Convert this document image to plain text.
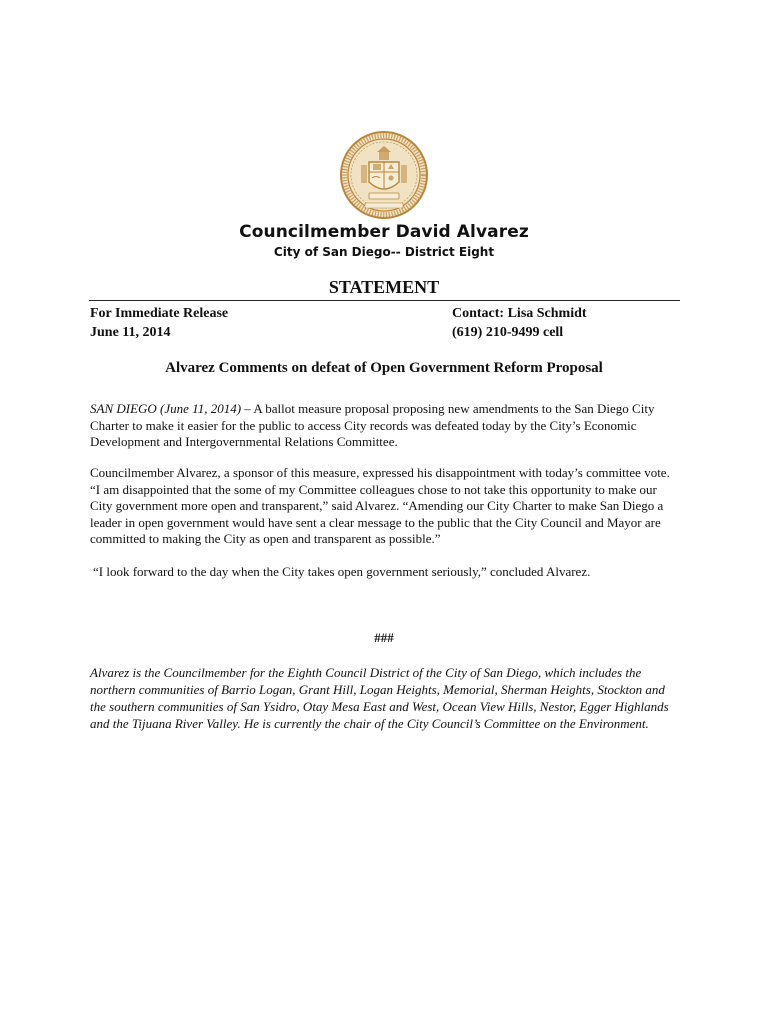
Councilmember David Alvarez
City of San Diego-- District Eight
STATEMENT
For Immediate Release
June 11, 2014
Contact: Lisa Schmidt
(619) 210-9499 cell
Alvarez Comments on defeat of Open Government Reform Proposal

SAN DIEGO (June 11, 2014) – A ballot measure proposal proposing new amendments to the San Diego City Charter to make it easier for the public to access City records was defeated today by the City’s Economic Development and Intergovernmental Relations Committee.

Councilmember Alvarez, a sponsor of this measure, expressed his disappointment with today’s committee vote. “I am disappointed that the some of my Committee colleagues chose to not take this opportunity to make our City government more open and transparent,” said Alvarez. “Amending our City Charter to make San Diego a leader in open government would have sent a clear message to the public that the City Council and Mayor are committed to making the City as open and transparent as possible.”

“I look forward to the day when the City takes open government seriously,” concluded Alvarez.

###

Alvarez is the Councilmember for the Eighth Council District of the City of San Diego, which includes the northern communities of Barrio Logan, Grant Hill, Logan Heights, Memorial, Sherman Heights, Stockton and the southern communities of San Ysidro, Otay Mesa East and West, Ocean View Hills, Nestor, Egger Highlands and the Tijuana River Valley. He is currently the chair of the City Council’s Committee on the Environment.
